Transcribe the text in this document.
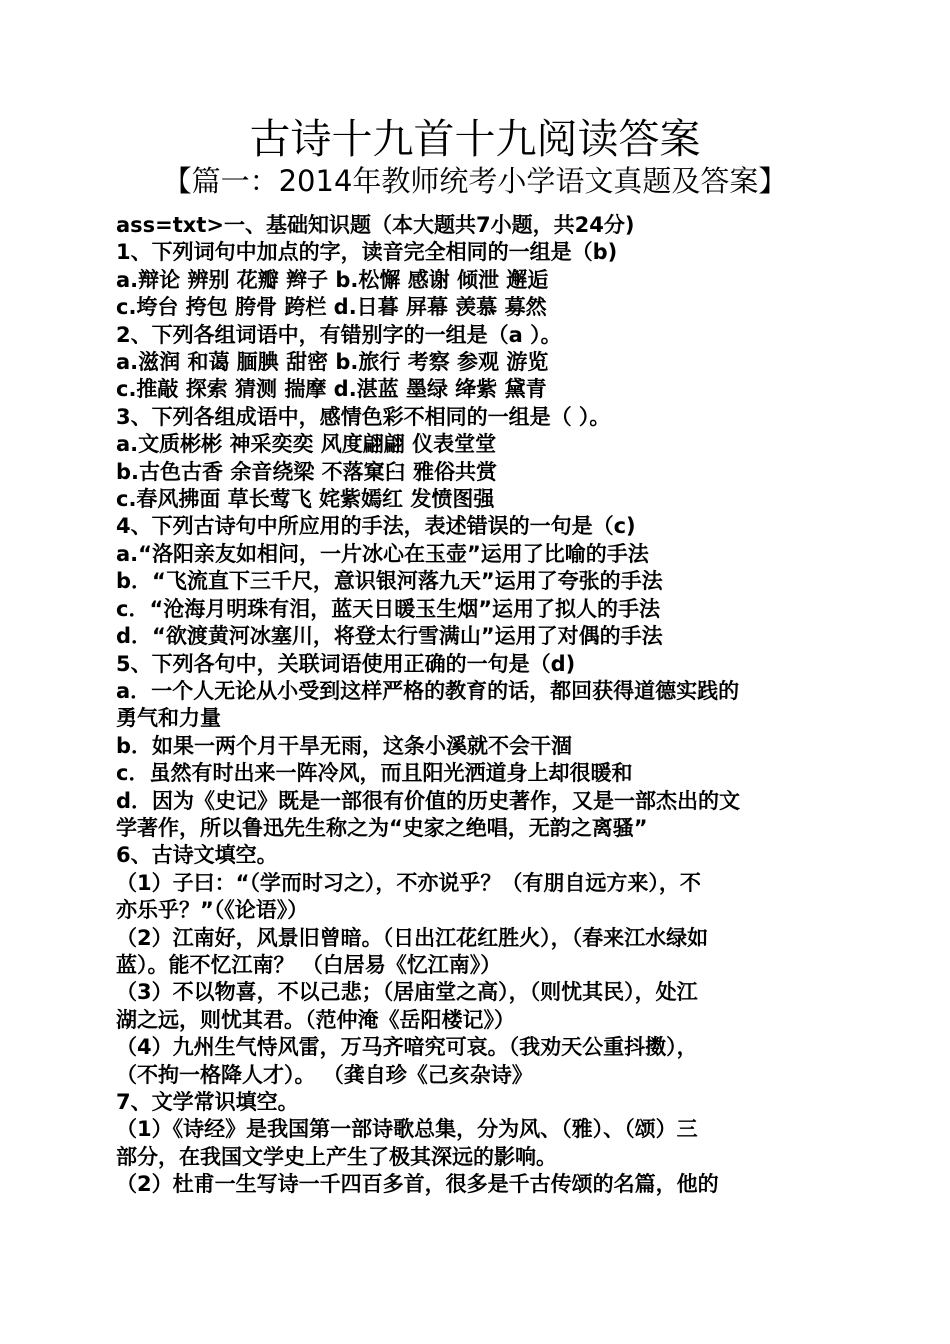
古诗十九首十九阅读答案
【篇一：2014年教师统考小学语文真题及答案】
ass=txt>一、基础知识题（本大题共7小题，共24分)
1、下列词句中加点的字，读音完全相同的一组是（b)
a.辩论 辨别 花瓣 辫子 b.松懈 感谢 倾泄 邂逅
c.垮台 挎包 胯骨 跨栏 d.日暮 屏幕 羡慕 募然
2、下列各组词语中，有错别字的一组是（a ）。
a.滋润 和蔼 腼腆 甜密 b.旅行 考察 参观 游览
c.推敲 探索 猜测 揣摩 d.湛蓝 墨绿 绛紫 黛青
3、下列各组成语中，感情色彩不相同的一组是（ ）。
a.文质彬彬 神采奕奕 风度翩翩 仪表堂堂
b.古色古香 余音绕梁 不落窠臼 雅俗共赏
c.春风拂面 草长莺飞 姹紫嫣红 发愤图强
4、下列古诗句中所应用的手法，表述错误的一句是（c)
a.“洛阳亲友如相问，一片冰心在玉壶”运用了比喻的手法
b．“飞流直下三千尺，意识银河落九天”运用了夸张的手法
c．“沧海月明珠有泪，蓝天日暖玉生烟”运用了拟人的手法
d．“欲渡黄河冰塞川，将登太行雪满山”运用了对偶的手法
5、下列各句中，关联词语使用正确的一句是（d)
a．一个人无论从小受到这样严格的教育的话，都回获得道德实践的
勇气和力量
b．如果一两个月干旱无雨，这条小溪就不会干涸
c．虽然有时出来一阵冷风，而且阳光洒道身上却很暖和
d．因为《史记》既是一部很有价值的历史著作，又是一部杰出的文
学著作，所以鲁迅先生称之为“史家之绝唱，无韵之离骚”
6、古诗文填空。
（1）子曰：“（学而时习之），不亦说乎？（有朋自远方来），不
亦乐乎？”（《论语》）
（2）江南好，风景旧曾暗。（日出江花红胜火），（春来江水绿如
蓝）。能不忆江南？ （白居易《忆江南》）
（3）不以物喜，不以己悲；（居庙堂之高），（则忧其民），处江
湖之远，则忧其君。（范仲淹《岳阳楼记》）
（4）九州生气恃风雷，万马齐喑究可哀。（我劝天公重抖擞），
（不拘一格降人才）。 （龚自珍《己亥杂诗》
7、文学常识填空。
（1）《诗经》是我国第一部诗歌总集，分为风、（雅）、（颂）三
部分，在我国文学史上产生了极其深远的影响。
（2）杜甫一生写诗一千四百多首，很多是千古传颂的名篇，他的
